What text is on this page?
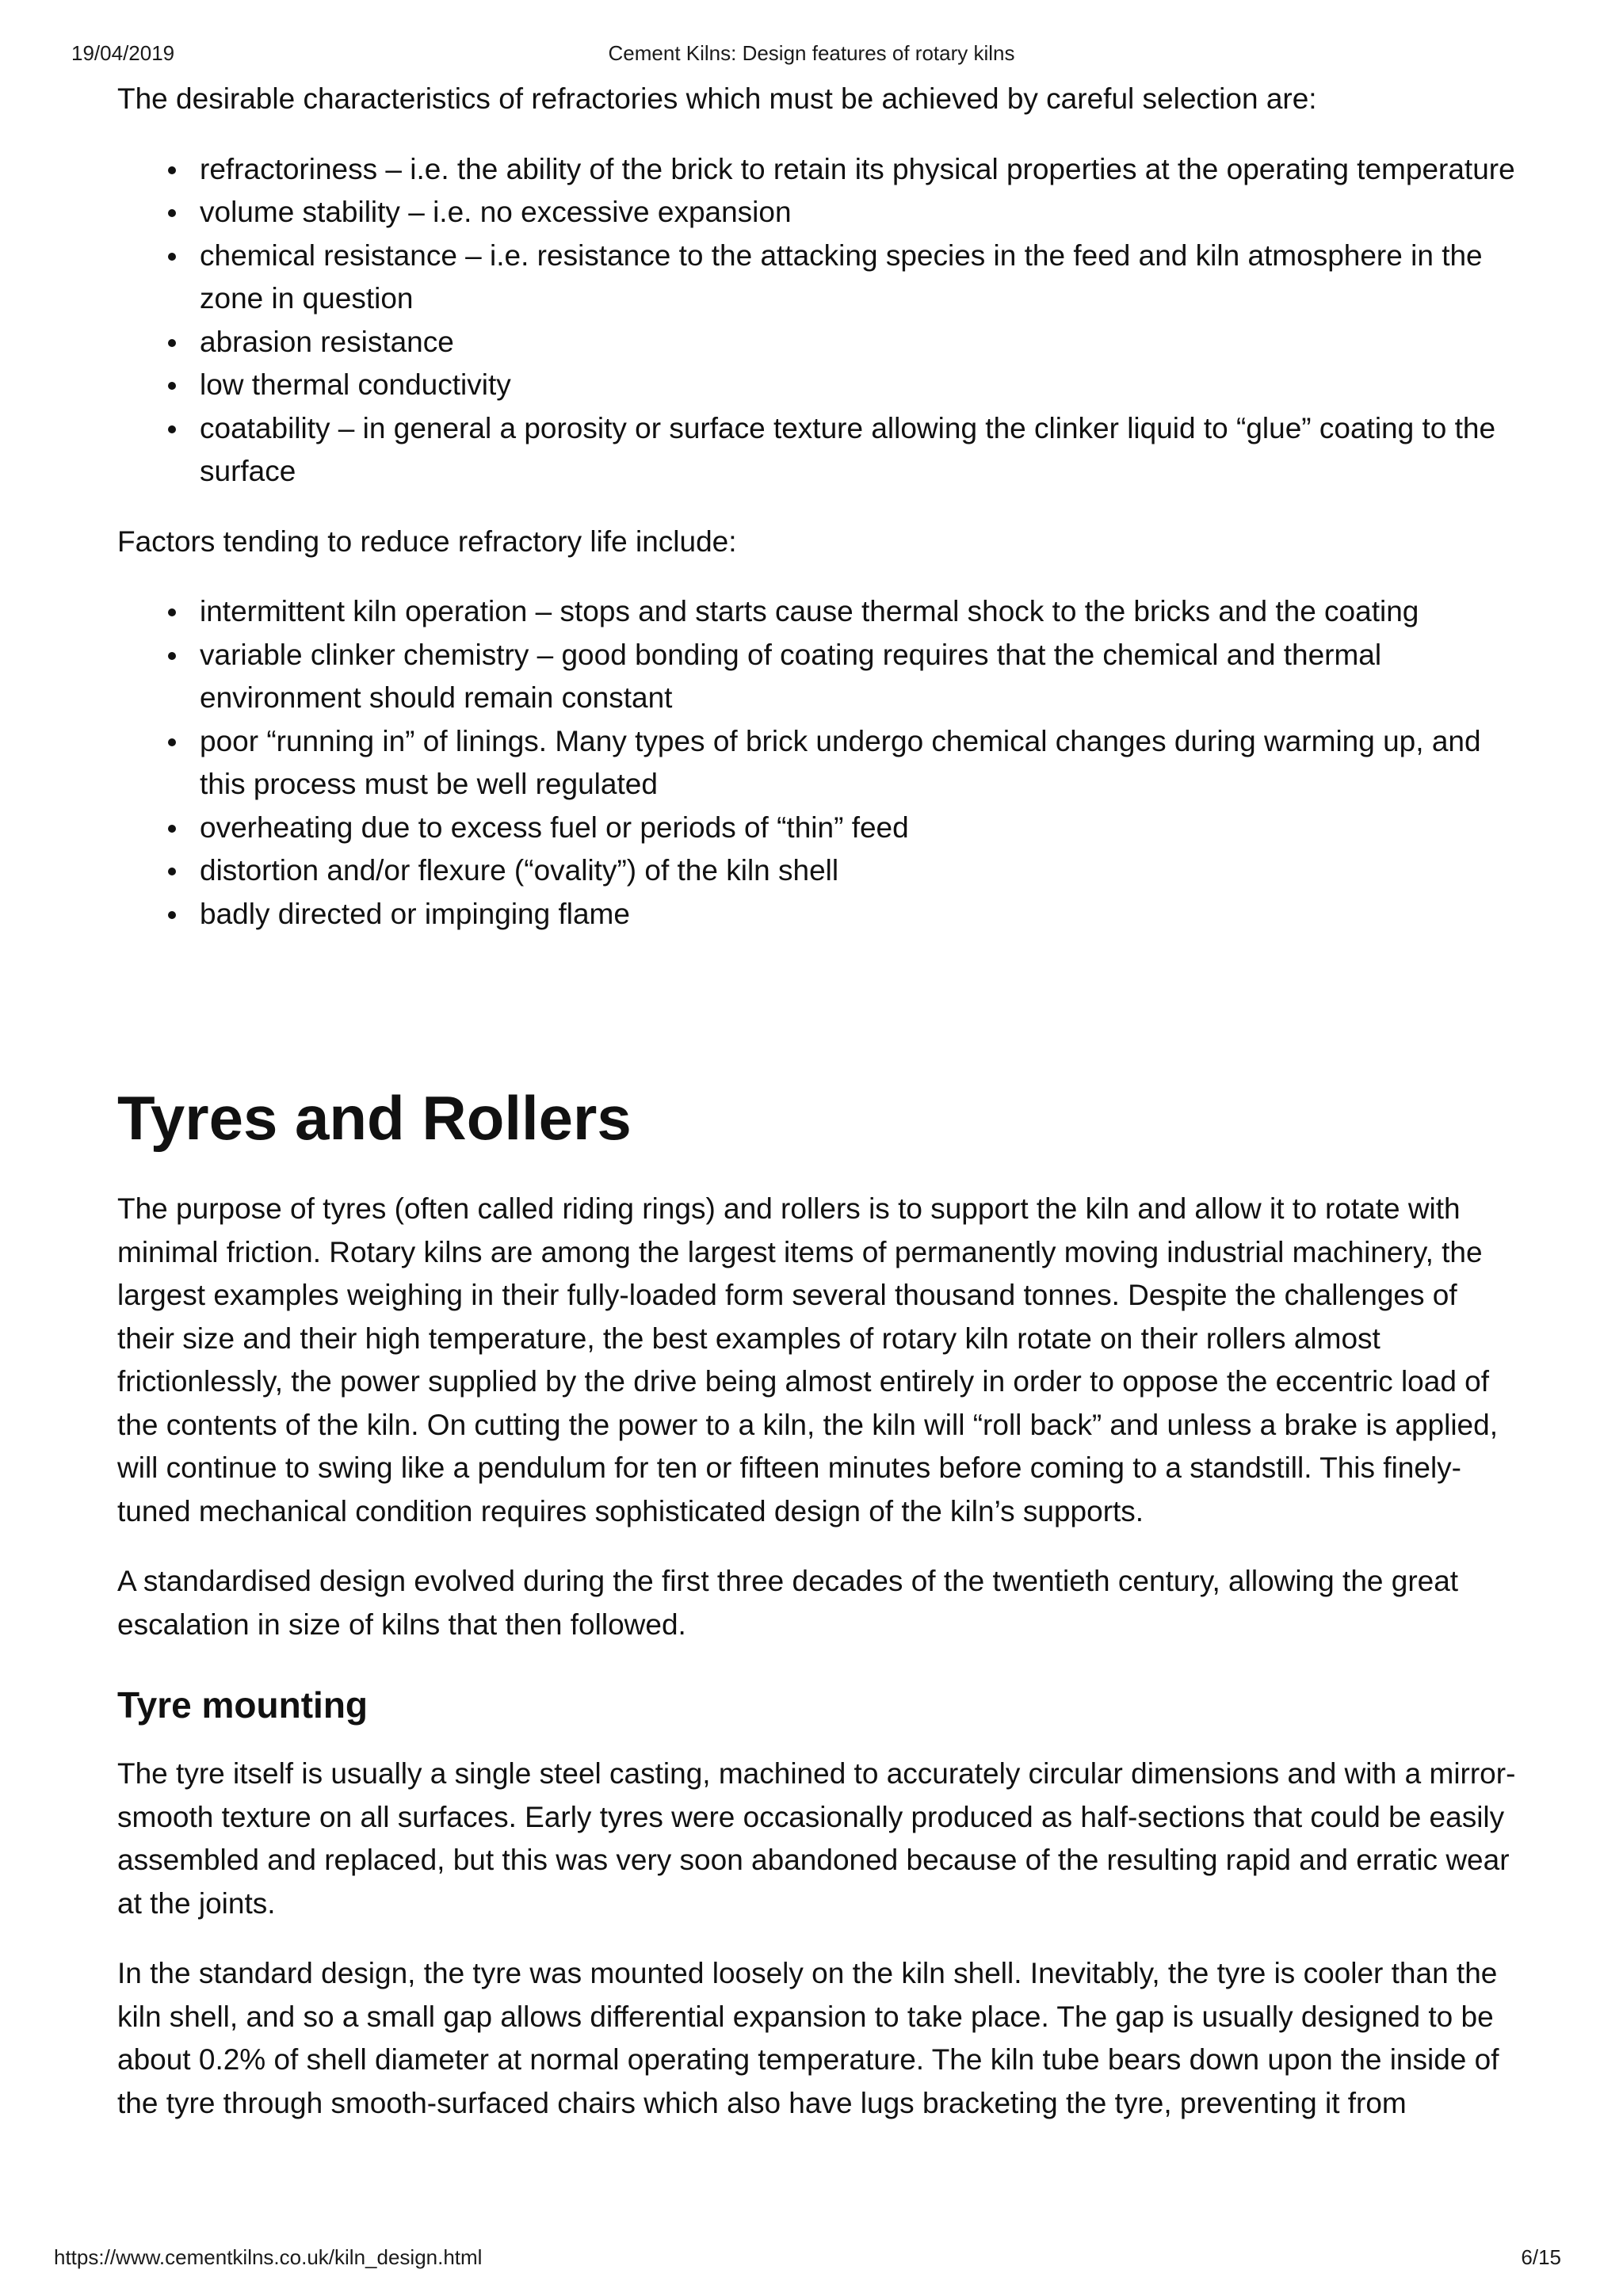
19/04/2019	Cement Kilns: Design features of rotary kilns

The desirable characteristics of refractories which must be achieved by careful selection are:

refractoriness – i.e. the ability of the brick to retain its physical properties at the operating temperature
volume stability – i.e. no excessive expansion
chemical resistance – i.e. resistance to the attacking species in the feed and kiln atmosphere in the zone in question
abrasion resistance
low thermal conductivity
coatability – in general a porosity or surface texture allowing the clinker liquid to “glue” coating to the surface

Factors tending to reduce refractory life include:

intermittent kiln operation – stops and starts cause thermal shock to the bricks and the coating
variable clinker chemistry – good bonding of coating requires that the chemical and thermal environment should remain constant
poor “running in” of linings. Many types of brick undergo chemical changes during warming up, and this process must be well regulated
overheating due to excess fuel or periods of “thin” feed
distortion and/or flexure (“ovality”) of the kiln shell
badly directed or impinging flame
Tyres and Rollers

The purpose of tyres (often called riding rings) and rollers is to support the kiln and allow it to rotate with minimal friction. Rotary kilns are among the largest items of permanently moving industrial machinery, the largest examples weighing in their fully-loaded form several thousand tonnes. Despite the challenges of their size and their high temperature, the best examples of rotary kiln rotate on their rollers almost frictionlessly, the power supplied by the drive being almost entirely in order to oppose the eccentric load of the contents of the kiln. On cutting the power to a kiln, the kiln will “roll back” and unless a brake is applied, will continue to swing like a pendulum for ten or fifteen minutes before coming to a standstill. This finely-tuned mechanical condition requires sophisticated design of the kiln’s supports.

A standardised design evolved during the first three decades of the twentieth century, allowing the great escalation in size of kilns that then followed.

Tyre mounting

The tyre itself is usually a single steel casting, machined to accurately circular dimensions and with a mirror-smooth texture on all surfaces. Early tyres were occasionally produced as half-sections that could be easily assembled and replaced, but this was very soon abandoned because of the resulting rapid and erratic wear at the joints.

In the standard design, the tyre was mounted loosely on the kiln shell. Inevitably, the tyre is cooler than the kiln shell, and so a small gap allows differential expansion to take place. The gap is usually designed to be about 0.2% of shell diameter at normal operating temperature. The kiln tube bears down upon the inside of the tyre through smooth-surfaced chairs which also have lugs bracketing the tyre, preventing it from

https://www.cementkilns.co.uk/kiln_design.html	6/15
